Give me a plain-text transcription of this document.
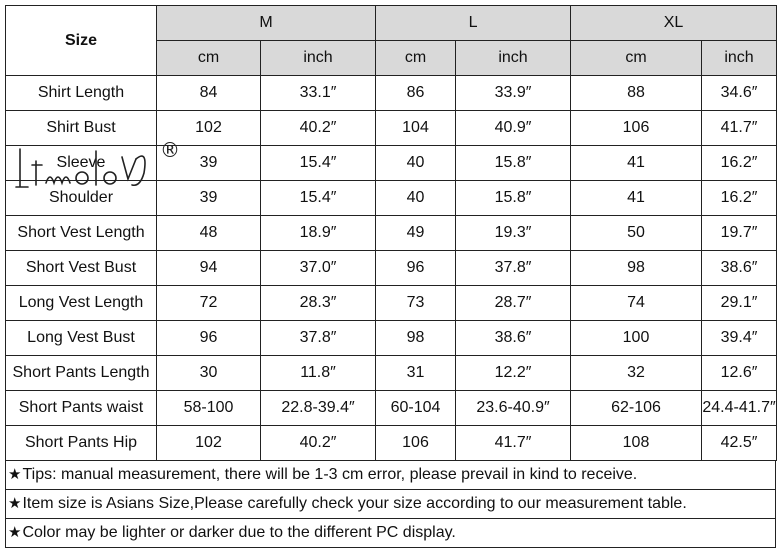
Size	M		L		XL	
	cm	inch	cm	inch	cm	inch
Shirt Length	84	33.1″	86	33.9″	88	34.6″
Shirt Bust	102	40.2″	104	40.9″	106	41.7″
Sleeve	39	15.4″	40	15.8″	41	16.2″
Shoulder	39	15.4″	40	15.8″	41	16.2″
Short Vest Length	48	18.9″	49	19.3″	50	19.7″
Short Vest Bust	94	37.0″	96	37.8″	98	38.6″
Long Vest Length	72	28.3″	73	28.7″	74	29.1″
Long Vest Bust	96	37.8″	98	38.6″	100	39.4″
Short Pants Length	30	11.8″	31	12.2″	32	12.6″
Short Pants waist	58-100	22.8-39.4″	60-104	23.6-40.9″	62-106	24.4-41.7″
Short Pants Hip	102	40.2″	106	41.7″	108	42.5″
★Tips: manual measurement, there will be 1-3 cm error, please prevail in kind to receive.
★Item size is Asians Size,Please carefully check your size according to our measurement table.
★Color may be lighter or darker due to the different PC display.
®
